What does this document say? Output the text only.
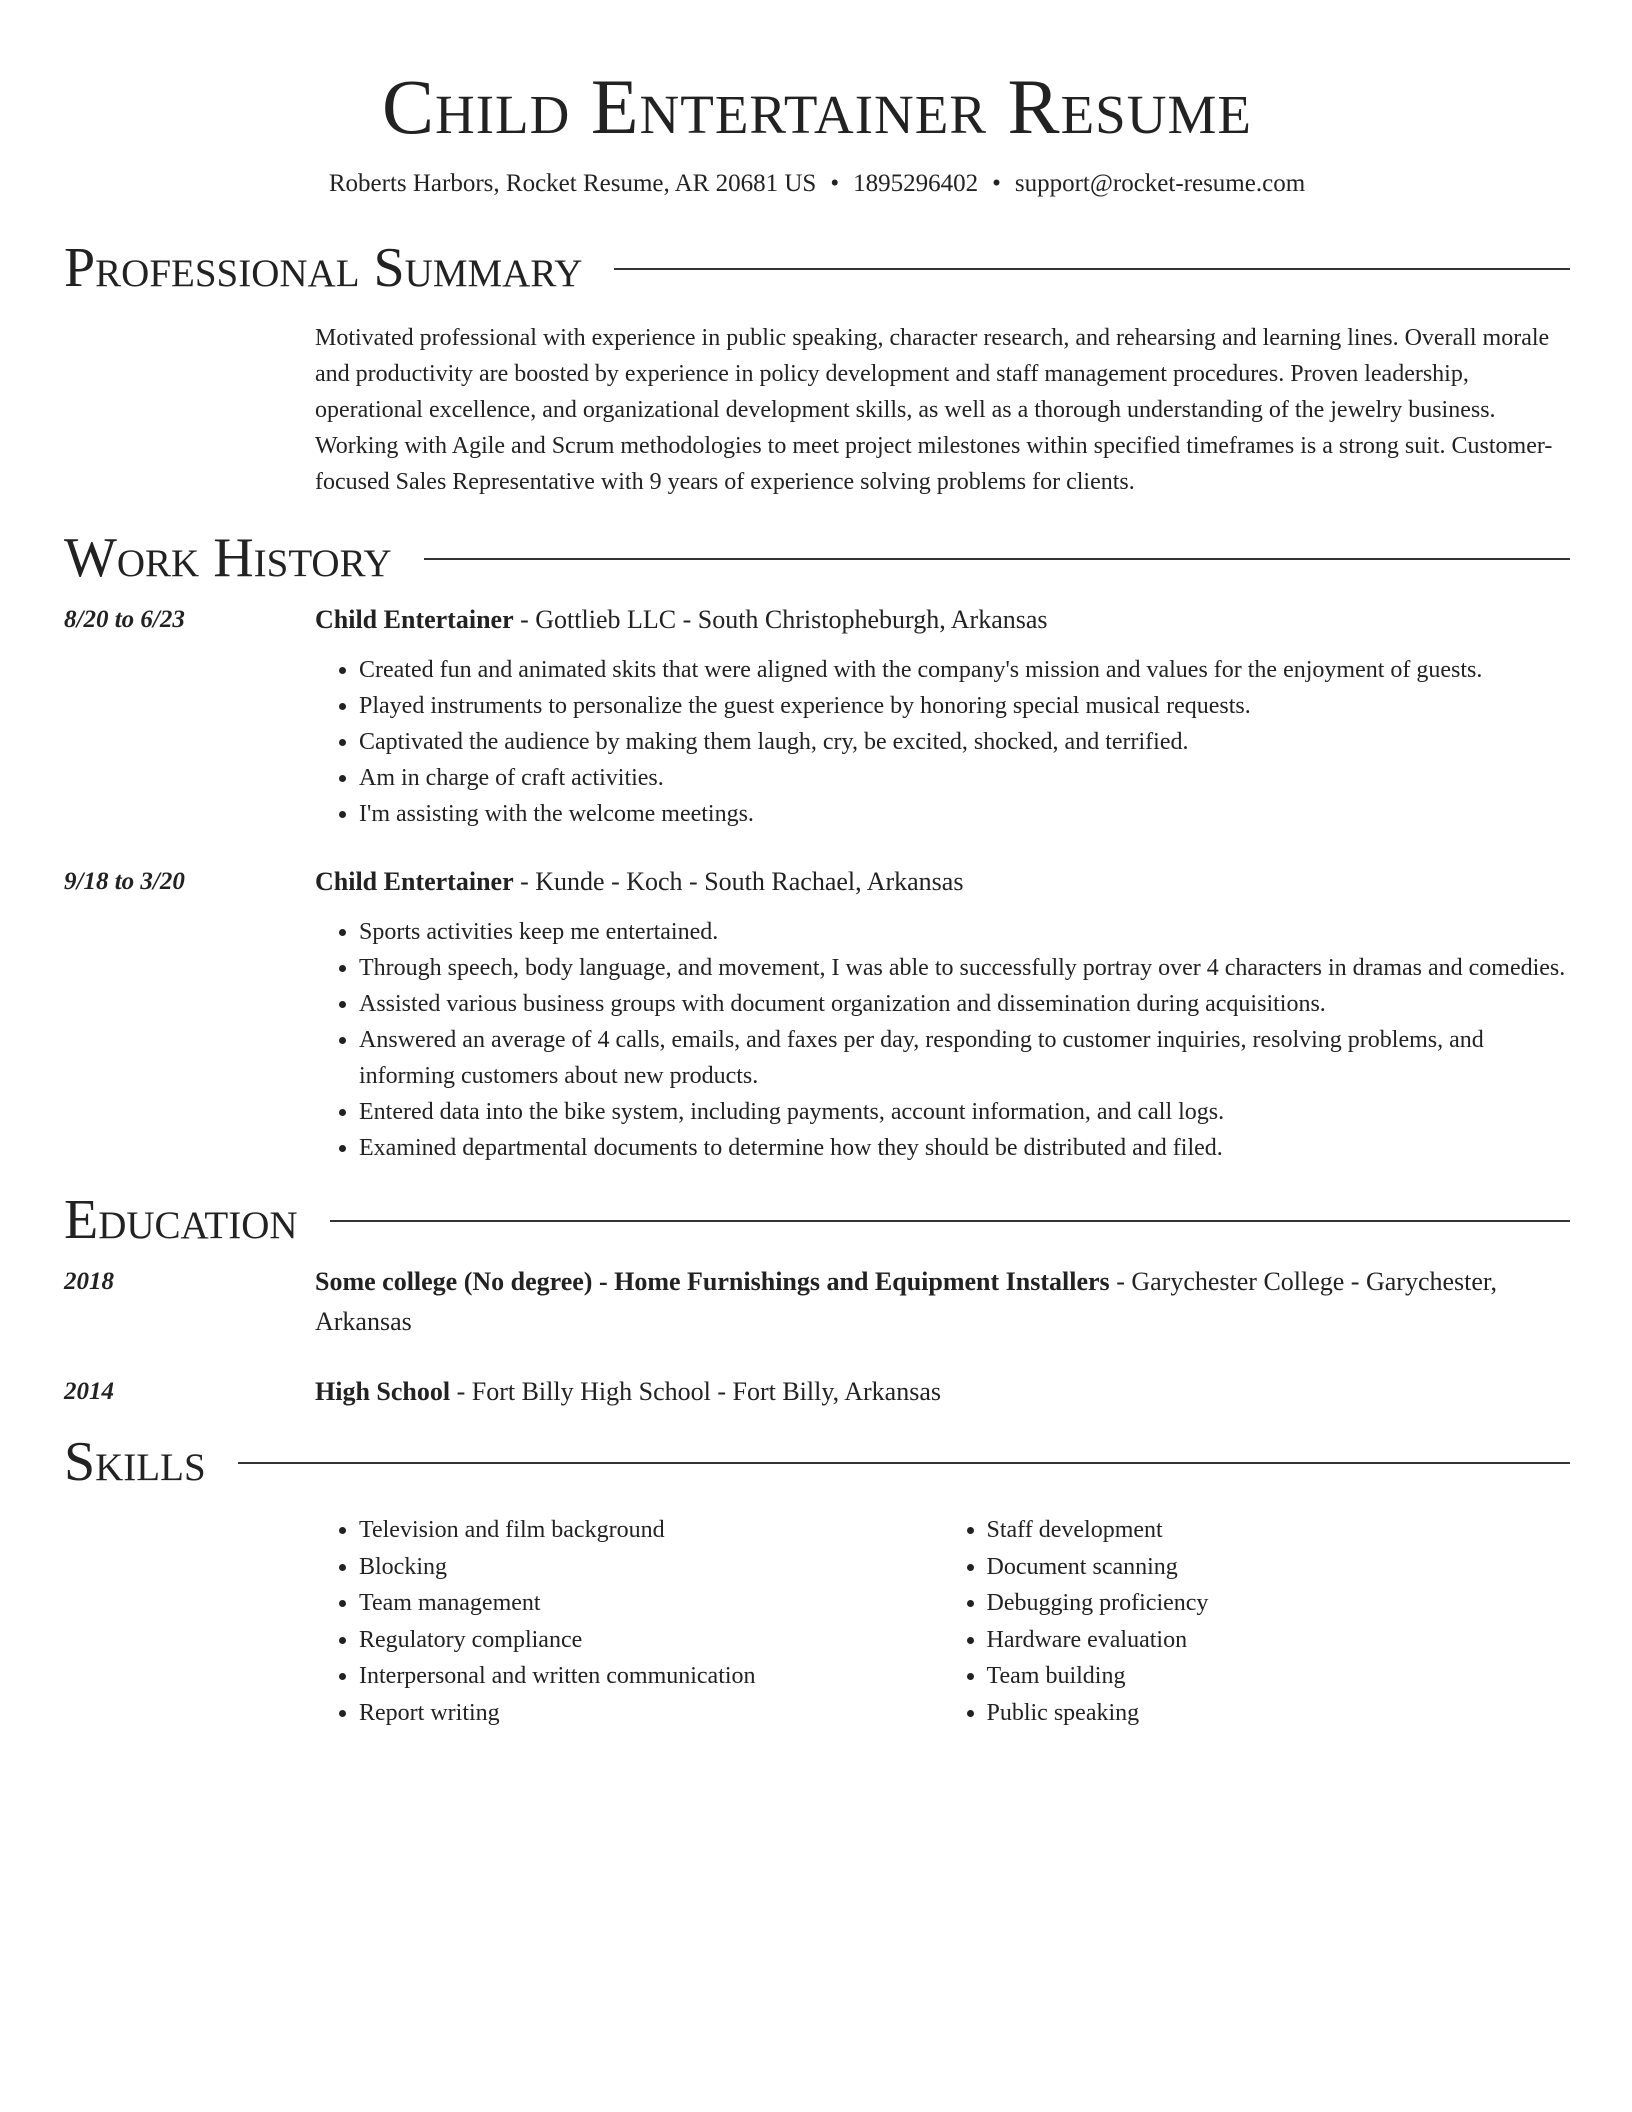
Child Entertainer Resume
Roberts Harbors, Rocket Resume, AR 20681 US • 1895296402 • support@rocket-resume.com
Professional Summary
Motivated professional with experience in public speaking, character research, and rehearsing and learning lines. Overall morale and productivity are boosted by experience in policy development and staff management procedures. Proven leadership, operational excellence, and organizational development skills, as well as a thorough understanding of the jewelry business. Working with Agile and Scrum methodologies to meet project milestones within specified timeframes is a strong suit. Customer-focused Sales Representative with 9 years of experience solving problems for clients.
Work History
8/20 to 6/23	Child Entertainer - Gottlieb LLC - South Christopheburgh, Arkansas
• Created fun and animated skits that were aligned with the company's mission and values for the enjoyment of guests.
• Played instruments to personalize the guest experience by honoring special musical requests.
• Captivated the audience by making them laugh, cry, be excited, shocked, and terrified.
• Am in charge of craft activities.
• I'm assisting with the welcome meetings.
9/18 to 3/20	Child Entertainer - Kunde - Koch - South Rachael, Arkansas
• Sports activities keep me entertained.
• Through speech, body language, and movement, I was able to successfully portray over 4 characters in dramas and comedies.
• Assisted various business groups with document organization and dissemination during acquisitions.
• Answered an average of 4 calls, emails, and faxes per day, responding to customer inquiries, resolving problems, and informing customers about new products.
• Entered data into the bike system, including payments, account information, and call logs.
• Examined departmental documents to determine how they should be distributed and filed.
Education
2018	Some college (No degree) - Home Furnishings and Equipment Installers - Garychester College - Garychester, Arkansas
2014	High School - Fort Billy High School - Fort Billy, Arkansas
Skills
• Television and film background
• Blocking
• Team management
• Regulatory compliance
• Interpersonal and written communication
• Report writing
• Staff development
• Document scanning
• Debugging proficiency
• Hardware evaluation
• Team building
• Public speaking
